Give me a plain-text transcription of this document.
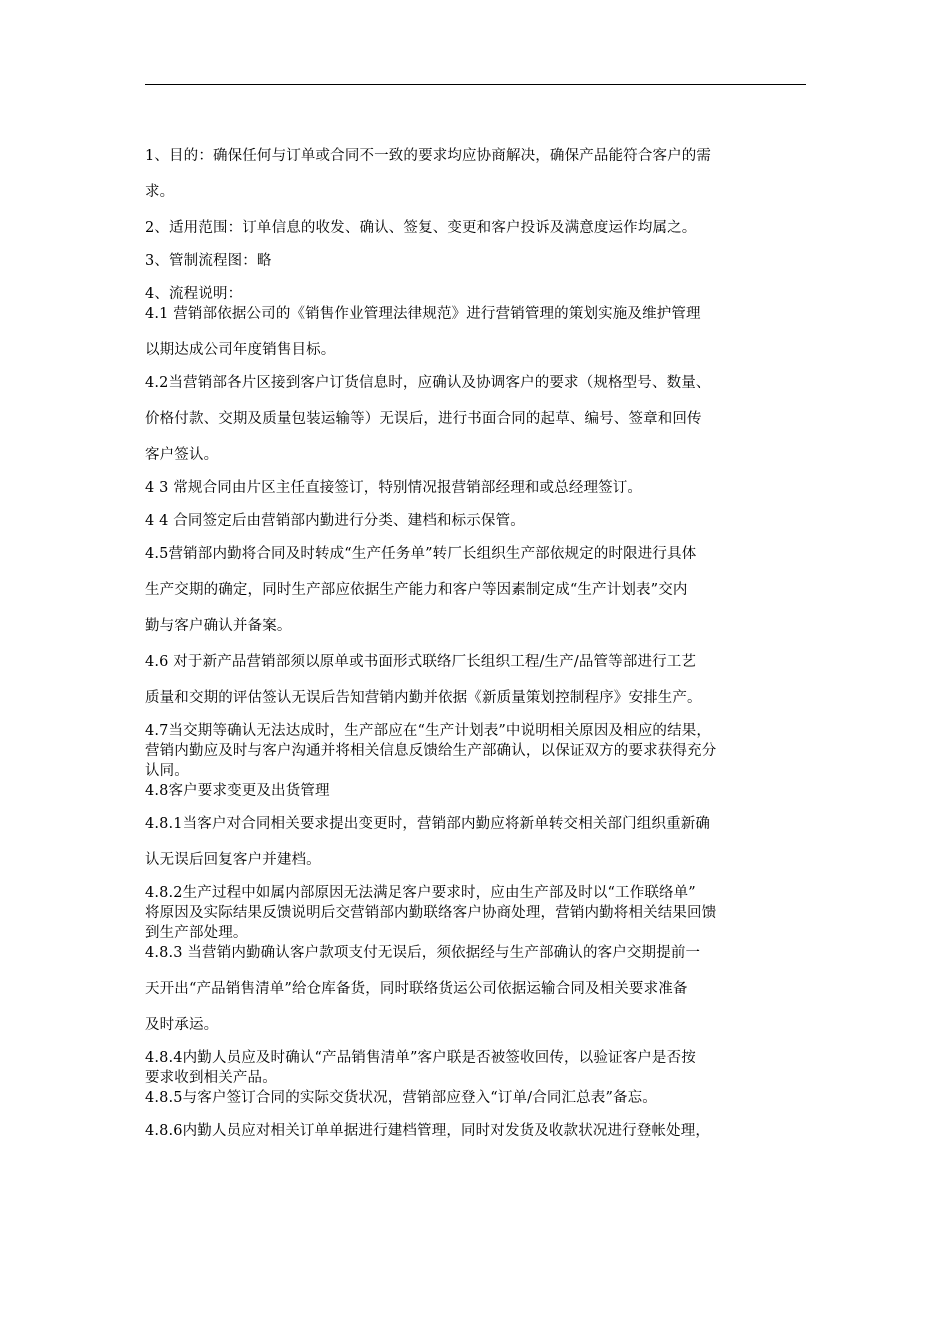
1、目的：确保任何与订单或合同不一致的要求均应协商解决，确保产品能符合客户的需
求。
2、适用范围：订单信息的收发、确认、签复、变更和客户投诉及满意度运作均属之。
3、管制流程图：略
4、流程说明：
4.1 营销部依据公司的《销售作业管理法律规范》进行营销管理的策划实施及维护管理
以期达成公司年度销售目标。
4.2当营销部各片区接到客户订货信息时，应确认及协调客户的要求（规格型号、数量、
价格付款、交期及质量包装运输等）无误后，进行书面合同的起草、编号、签章和回传
客户签认。
4 3 常规合同由片区主任直接签订，特别情况报营销部经理和或总经理签订。
4 4 合同签定后由营销部内勤进行分类、建档和标示保管。
4.5营销部内勤将合同及时转成“生产任务单”转厂长组织生产部依规定的时限进行具体
生产交期的确定，同时生产部应依据生产能力和客户等因素制定成“生产计划表”交内
勤与客户确认并备案。
4.6 对于新产品营销部须以原单或书面形式联络厂长组织工程/生产/品管等部进行工艺
质量和交期的评估签认无误后告知营销内勤并依据《新质量策划控制程序》安排生产。
4.7当交期等确认无法达成时，生产部应在“生产计划表”中说明相关原因及相应的结果，
营销内勤应及时与客户沟通并将相关信息反馈给生产部确认，以保证双方的要求获得充分
认同。
4.8客户要求变更及出货管理
4.8.1当客户对合同相关要求提出变更时，营销部内勤应将新单转交相关部门组织重新确
认无误后回复客户并建档。
4.8.2生产过程中如属内部原因无法满足客户要求时，应由生产部及时以“工作联络单”
将原因及实际结果反馈说明后交营销部内勤联络客户协商处理，营销内勤将相关结果回馈
到生产部处理。
4.8.3 当营销内勤确认客户款项支付无误后，须依据经与生产部确认的客户交期提前一
天开出“产品销售清单”给仓库备货，同时联络货运公司依据运输合同及相关要求准备
及时承运。
4.8.4内勤人员应及时确认“产品销售清单”客户联是否被签收回传，以验证客户是否按
要求收到相关产品。
4.8.5与客户签订合同的实际交货状况，营销部应登入“订单/合同汇总表”备忘。
4.8.6内勤人员应对相关订单单据进行建档管理，同时对发货及收款状况进行登帐处理，
